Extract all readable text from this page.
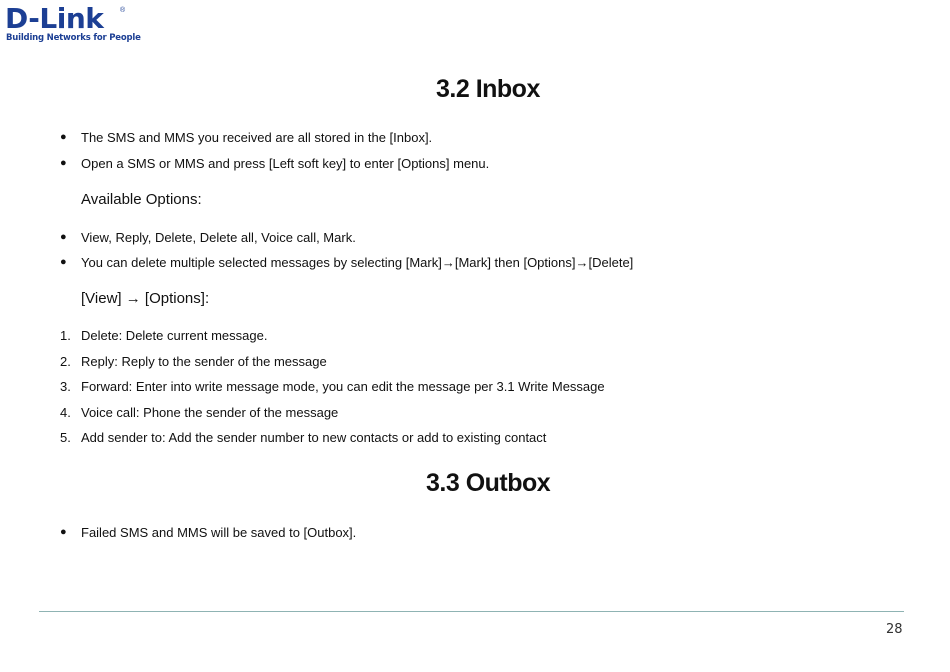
D-Link ®
Building Networks for People
3.2 Inbox
● The SMS and MMS you received are all stored in the [Inbox].
● Open a SMS or MMS and press [Left soft key] to enter [Options] menu.
Available Options:
● View, Reply, Delete, Delete all, Voice call, Mark.
● You can delete multiple selected messages by selecting [Mark]→[Mark] then [Options]→[Delete]
[View] → [Options]:
1. Delete: Delete current message.
2. Reply: Reply to the sender of the message
3. Forward: Enter into write message mode, you can edit the message per 3.1 Write Message
4. Voice call: Phone the sender of the message
5. Add sender to: Add the sender number to new contacts or add to existing contact
3.3 Outbox
● Failed SMS and MMS will be saved to [Outbox].
28
